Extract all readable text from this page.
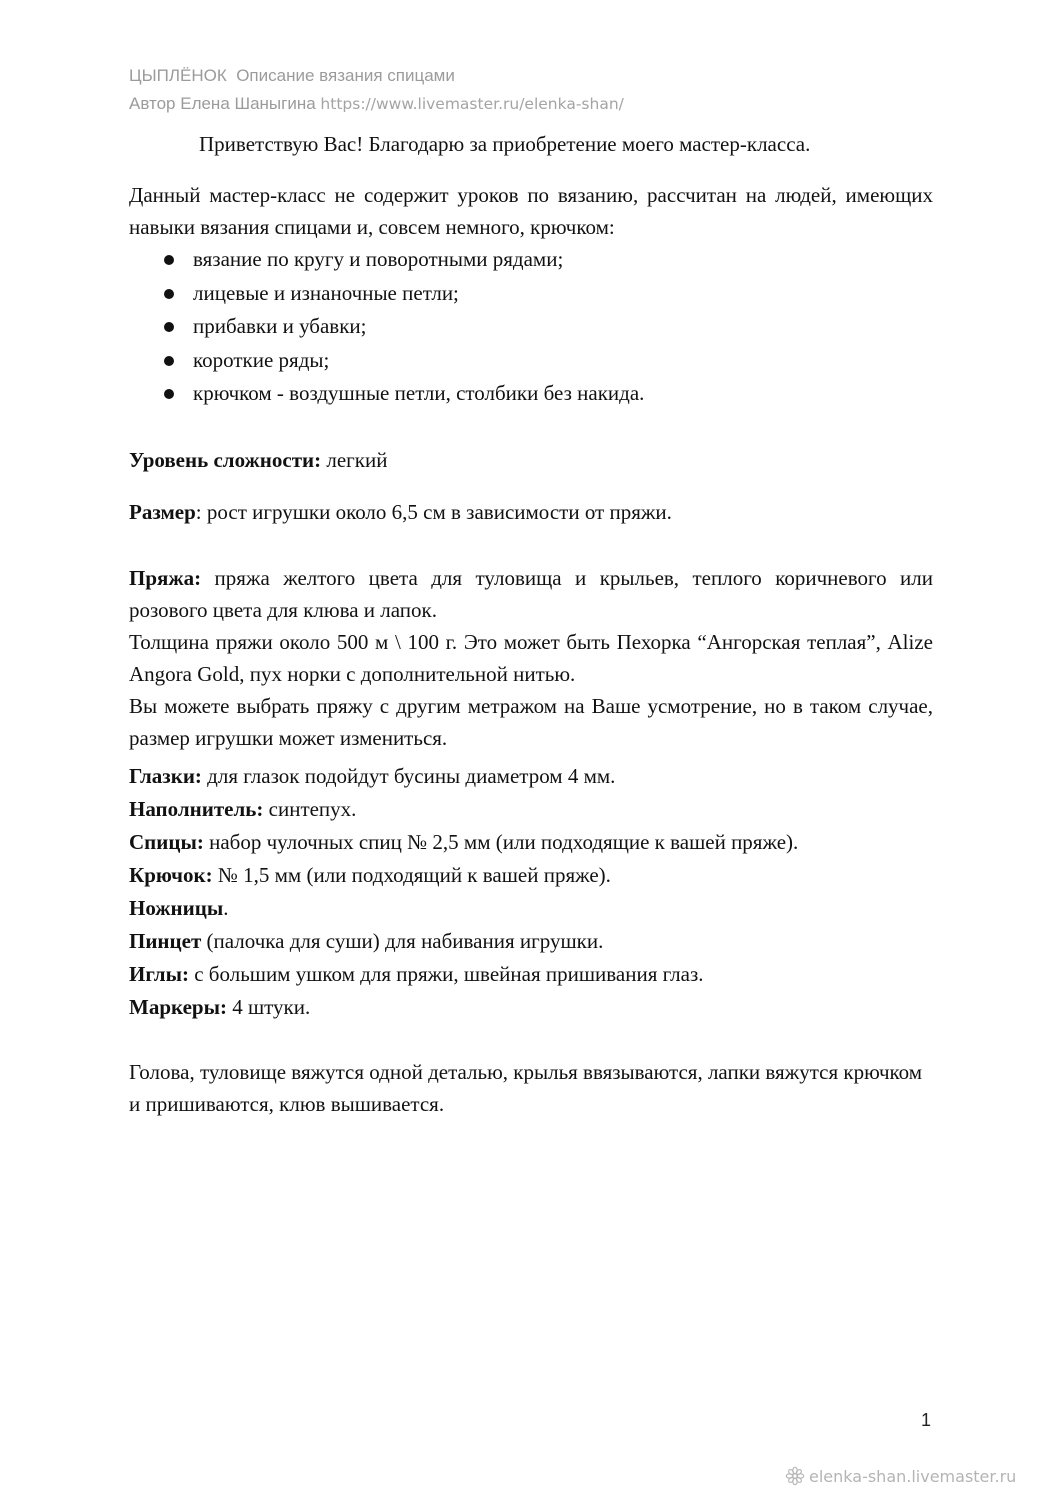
ЦЫПЛЁНОК Описание вязания спицами
Автор Елена Шаныгина https://www.livemaster.ru/elenka-shan/
Приветствую Вас! Благодарю за приобретение моего мастер-класса.
Данный мастер-класс не содержит уроков по вязанию, рассчитан на людей, имеющих навыки вязания спицами и, совсем немного, крючком:
вязание по кругу и поворотными рядами;
лицевые и изнаночные петли;
прибавки и убавки;
короткие ряды;
крючком - воздушные петли, столбики без накида.
Уровень сложности: легкий
Размер: рост игрушки около 6,5 см в зависимости от пряжи.
Пряжа: пряжа желтого цвета для туловища и крыльев, теплого коричневого или розового цвета для клюва и лапок.
Толщина пряжи около 500 м \ 100 г. Это может быть Пехорка “Ангорская теплая”, Alize Angora Gold, пух норки с дополнительной нитью.
Вы можете выбрать пряжу с другим метражом на Ваше усмотрение, но в таком случае, размер игрушки может измениться.
Глазки: для глазок подойдут бусины диаметром 4 мм.
Наполнитель: синтепух.
Спицы: набор чулочных спиц № 2,5 мм (или подходящие к вашей пряже).
Крючок: № 1,5 мм (или подходящий к вашей пряже).
Ножницы.
Пинцет (палочка для суши) для набивания игрушки.
Иглы: с большим ушком для пряжи, швейная пришивания глаз.
Маркеры: 4 штуки.
Голова, туловище вяжутся одной деталью, крылья ввязываются, лапки вяжутся крючком и пришиваются, клюв вышивается.
1
elenka-shan.livemaster.ru
